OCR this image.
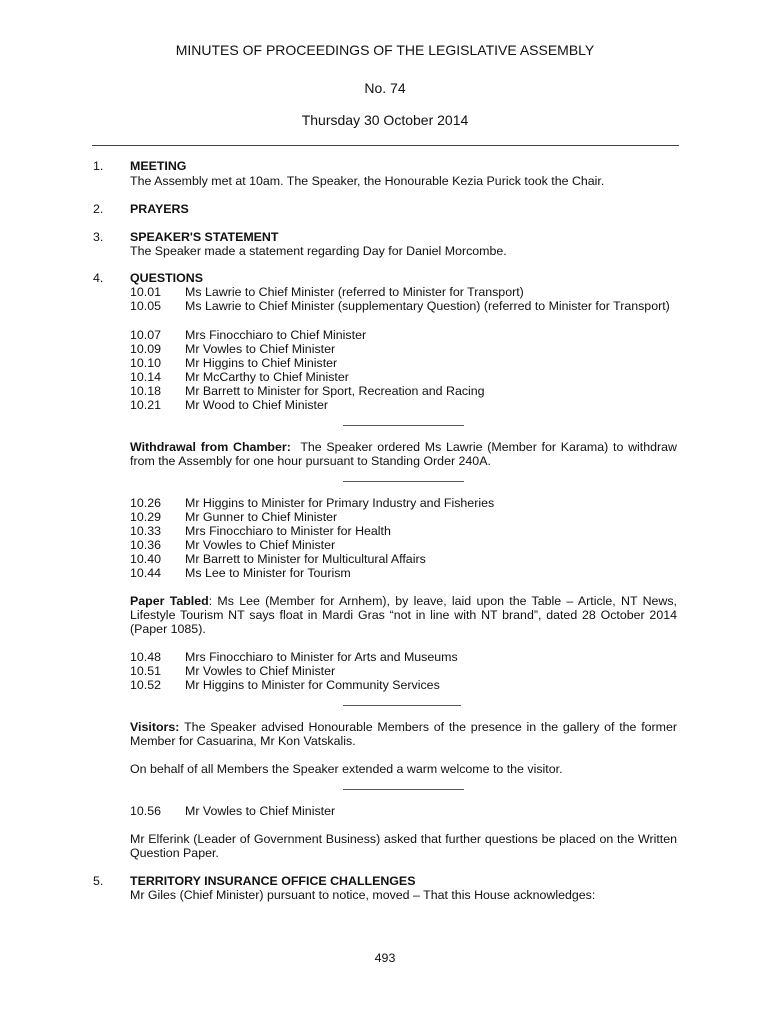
MINUTES OF PROCEEDINGS OF THE LEGISLATIVE ASSEMBLY
No. 74
Thursday 30 October 2014
1. MEETING
The Assembly met at 10am. The Speaker, the Honourable Kezia Purick took the Chair.
2. PRAYERS
3. SPEAKER'S STATEMENT
The Speaker made a statement regarding Day for Daniel Morcombe.
4. QUESTIONS
10.01 Ms Lawrie to Chief Minister (referred to Minister for Transport)
10.05 Ms Lawrie to Chief Minister (supplementary Question) (referred to Minister for Transport)
10.07 Mrs Finocchiaro to Chief Minister
10.09 Mr Vowles to Chief Minister
10.10 Mr Higgins to Chief Minister
10.14 Mr McCarthy to Chief Minister
10.18 Mr Barrett to Minister for Sport, Recreation and Racing
10.21 Mr Wood to Chief Minister
Withdrawal from Chamber: The Speaker ordered Ms Lawrie (Member for Karama) to withdraw from the Assembly for one hour pursuant to Standing Order 240A.
10.26 Mr Higgins to Minister for Primary Industry and Fisheries
10.29 Mr Gunner to Chief Minister
10.33 Mrs Finocchiaro to Minister for Health
10.36 Mr Vowles to Chief Minister
10.40 Mr Barrett to Minister for Multicultural Affairs
10.44 Ms Lee to Minister for Tourism
Paper Tabled: Ms Lee (Member for Arnhem), by leave, laid upon the Table – Article, NT News, Lifestyle Tourism NT says float in Mardi Gras “not in line with NT brand”, dated 28 October 2014 (Paper 1085).
10.48 Mrs Finocchiaro to Minister for Arts and Museums
10.51 Mr Vowles to Chief Minister
10.52 Mr Higgins to Minister for Community Services
Visitors: The Speaker advised Honourable Members of the presence in the gallery of the former Member for Casuarina, Mr Kon Vatskalis.
On behalf of all Members the Speaker extended a warm welcome to the visitor.
10.56 Mr Vowles to Chief Minister
Mr Elferink (Leader of Government Business) asked that further questions be placed on the Written Question Paper.
5. TERRITORY INSURANCE OFFICE CHALLENGES
Mr Giles (Chief Minister) pursuant to notice, moved – That this House acknowledges:
493
